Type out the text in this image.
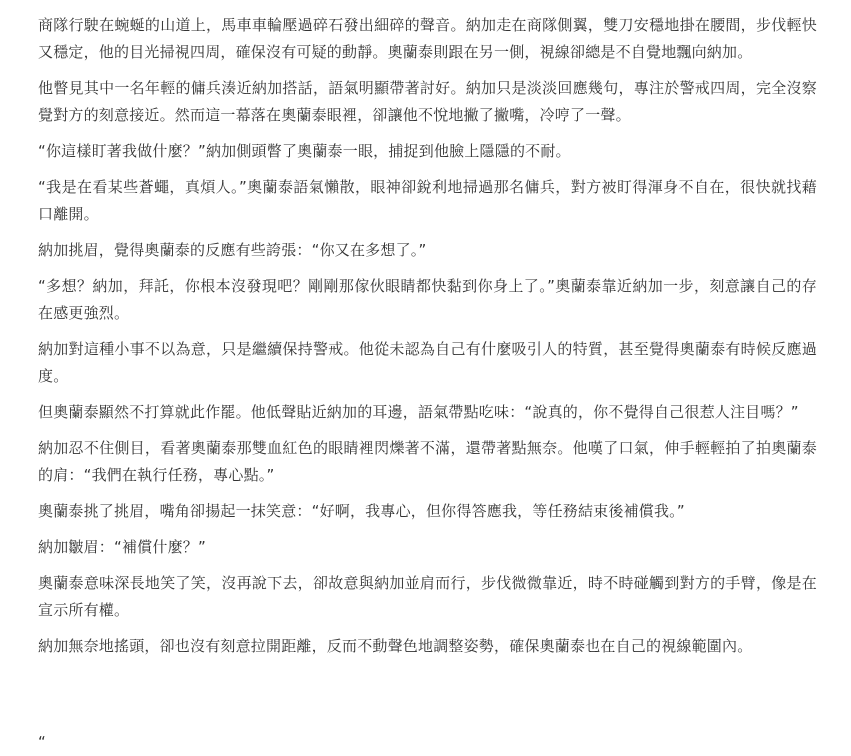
商隊行駛在蜿蜒的山道上，馬車車輪壓過碎石發出細碎的聲音。納加走在商隊側翼，雙刀安穩地掛在腰間，步伐輕快又穩定，他的目光掃視四周，確保沒有可疑的動靜。奧蘭泰則跟在另一側，視線卻總是不自覺地飄向納加。

他瞥見其中一名年輕的傭兵湊近納加搭話，語氣明顯帶著討好。納加只是淡淡回應幾句，專注於警戒四周，完全沒察覺對方的刻意接近。然而這一幕落在奧蘭泰眼裡，卻讓他不悅地撇了撇嘴，冷哼了一聲。

“你這樣盯著我做什麼？”納加側頭瞥了奧蘭泰一眼，捕捉到他臉上隱隱的不耐。

“我是在看某些蒼蠅，真煩人。”奧蘭泰語氣懶散，眼神卻銳利地掃過那名傭兵，對方被盯得渾身不自在，很快就找藉口離開。

納加挑眉，覺得奧蘭泰的反應有些誇張：“你又在多想了。”

“多想？納加，拜託，你根本沒發現吧？剛剛那傢伙眼睛都快黏到你身上了。”奧蘭泰靠近納加一步，刻意讓自己的存在感更強烈。

納加對這種小事不以為意，只是繼續保持警戒。他從未認為自己有什麼吸引人的特質，甚至覺得奧蘭泰有時候反應過度。

但奧蘭泰顯然不打算就此作罷。他低聲貼近納加的耳邊，語氣帶點吃味：“說真的，你不覺得自己很惹人注目嗎？”

納加忍不住側目，看著奧蘭泰那雙血紅色的眼睛裡閃爍著不滿，還帶著點無奈。他嘆了口氣，伸手輕輕拍了拍奧蘭泰的肩：“我們在執行任務，專心點。”

奧蘭泰挑了挑眉，嘴角卻揚起一抹笑意：“好啊，我專心，但你得答應我，等任務結束後補償我。”

納加皺眉：“補償什麼？”

奧蘭泰意味深長地笑了笑，沒再說下去，卻故意與納加並肩而行，步伐微微靠近，時不時碰觸到對方的手臂，像是在宣示所有權。

納加無奈地搖頭，卻也沒有刻意拉開距離，反而不動聲色地調整姿勢，確保奧蘭泰也在自己的視線範圍內。

“
